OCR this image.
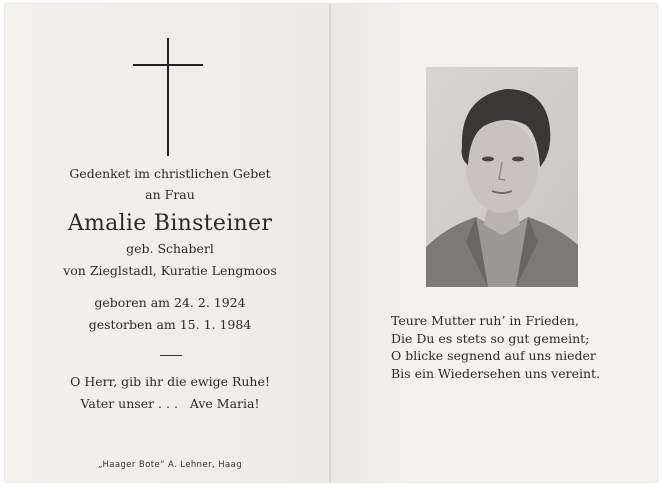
Gedenket im christlichen Gebet
an Frau
Amalie Binsteiner
geb. Schaberl
von Zieglstadl, Kuratie Lengmoos
geboren am 24. 2. 1924
gestorben am 15. 1. 1984
O Herr, gib ihr die ewige Ruhe!
Vater unser . . .   Ave Maria!
„Haager Bote“ A. Lehner, Haag
Teure Mutter ruh’ in Frieden,
Die Du es stets so gut gemeint;
O blicke segnend auf uns nieder
Bis ein Wiedersehen uns vereint.
